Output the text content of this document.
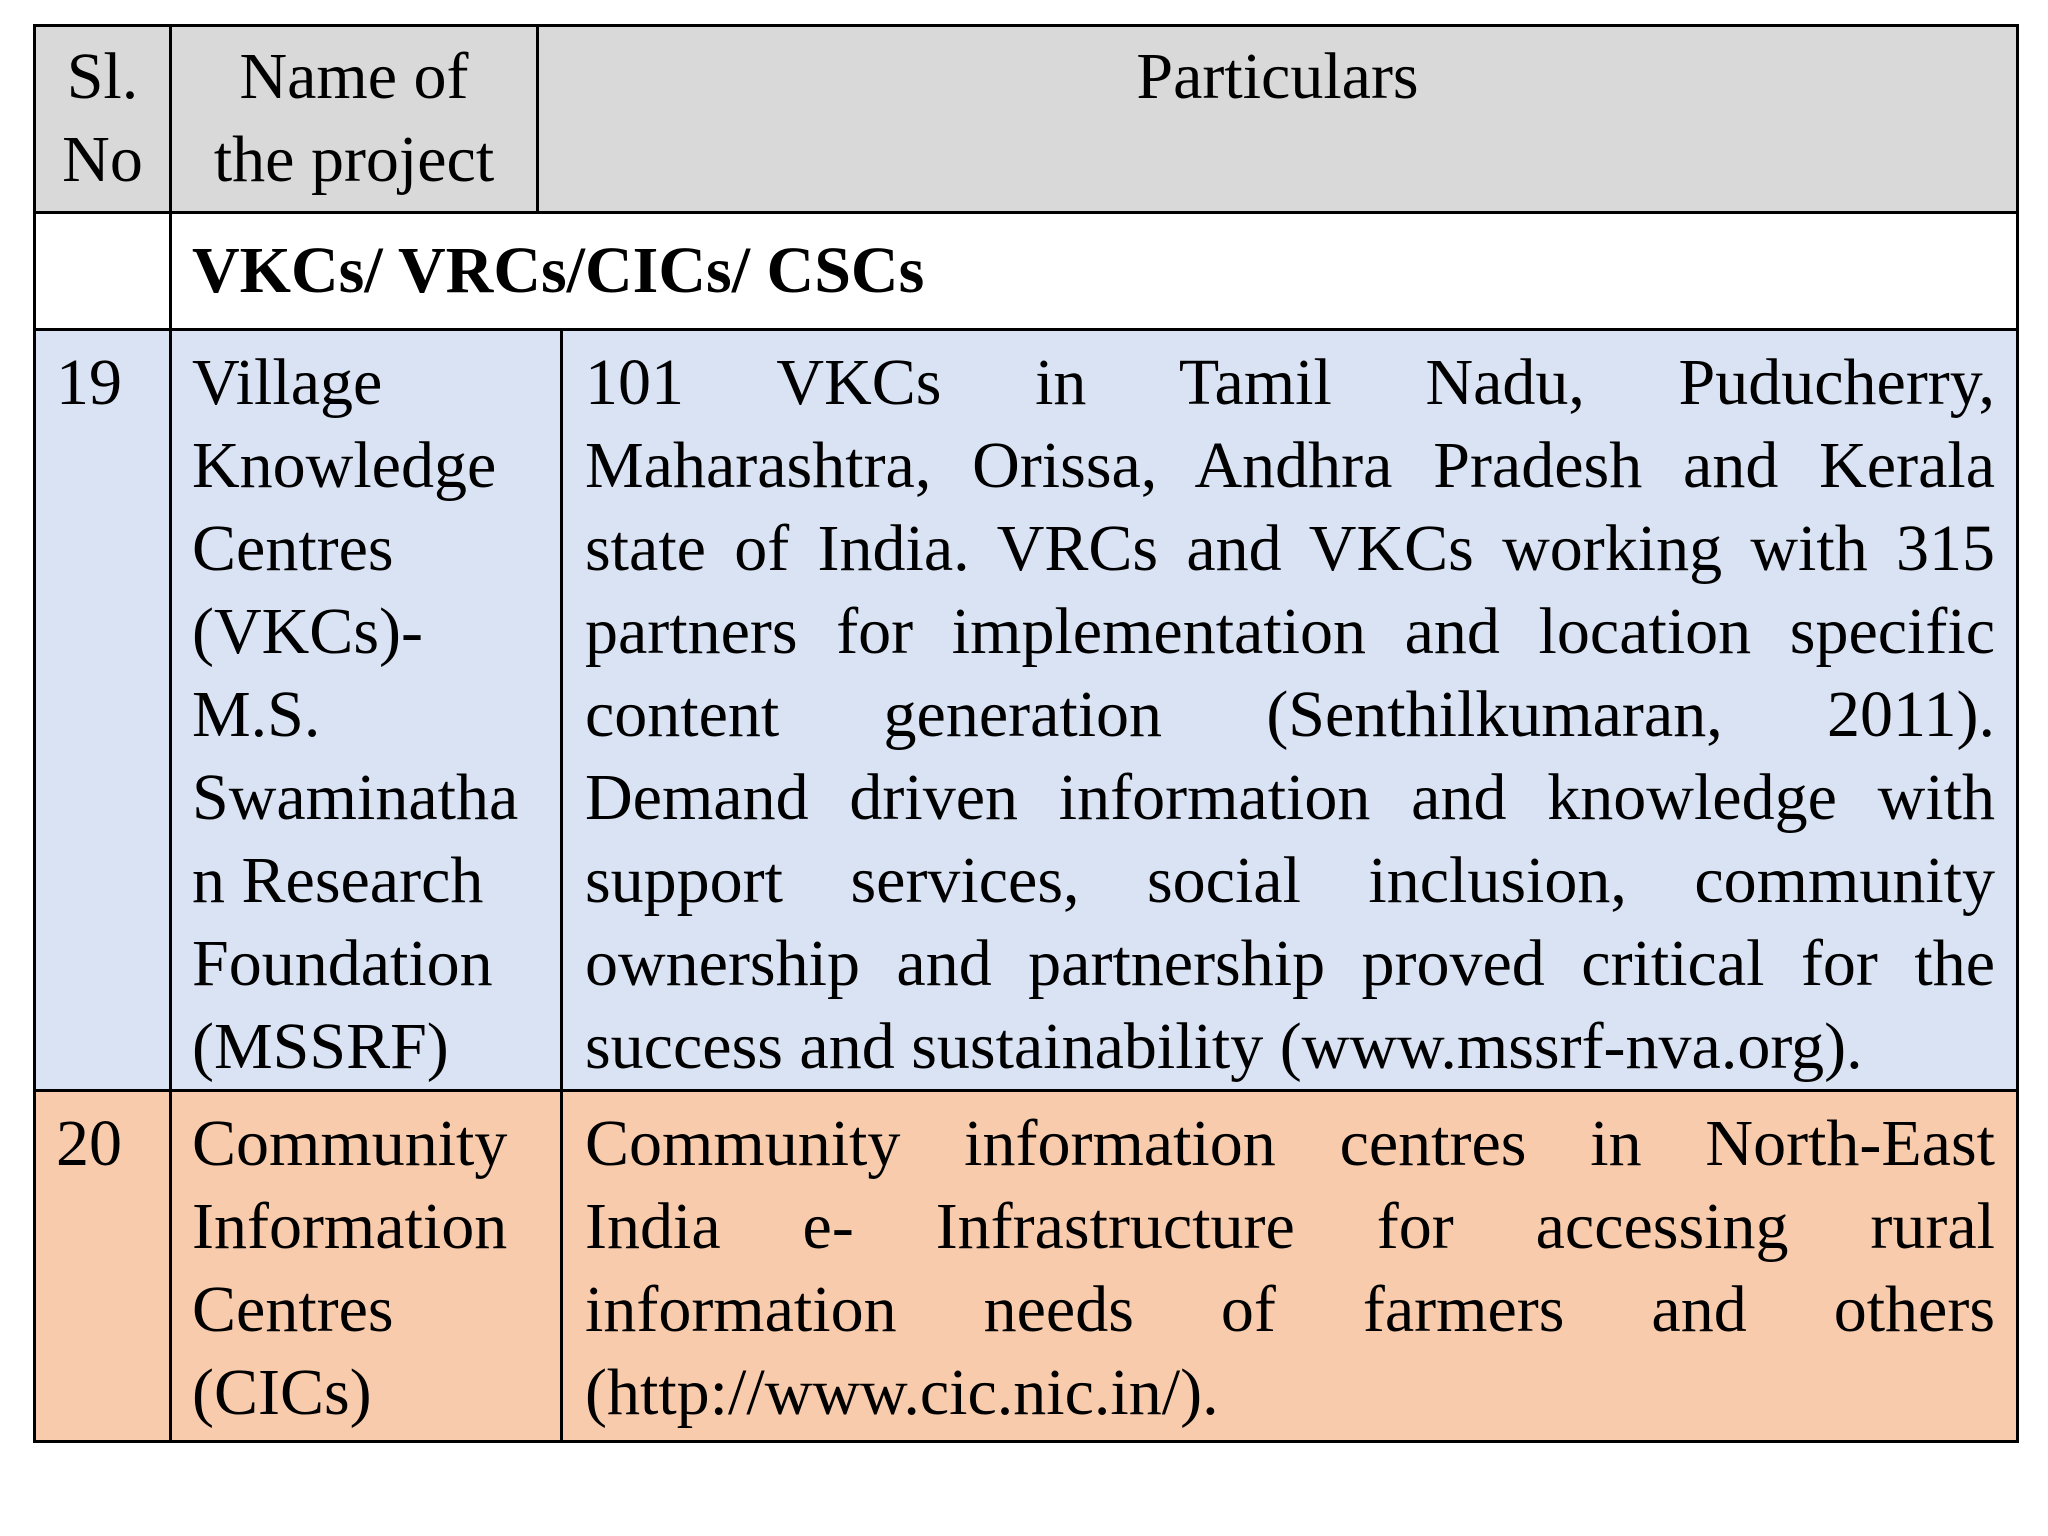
Sl.
No
Name of
the project
Particulars
VKCs/ VRCs/CICs/ CSCs
19	Village
Knowledge
Centres
(VKCs)-
M.S.
Swaminatha
n Research
Foundation
(MSSRF)
101 VKCs in Tamil Nadu, Puducherry,
Maharashtra, Orissa, Andhra Pradesh and Kerala
state of India. VRCs and VKCs working with 315
partners for implementation and location specific
content generation (Senthilkumaran, 2011).
Demand driven information and knowledge with
support services, social inclusion, community
ownership and partnership proved critical for the
success and sustainability (www.mssrf-nva.org).
20	Community
Information
Centres
(CICs)
Community information centres in North-East
India e- Infrastructure for accessing rural
information needs of farmers and others
(http://www.cic.nic.in/).
